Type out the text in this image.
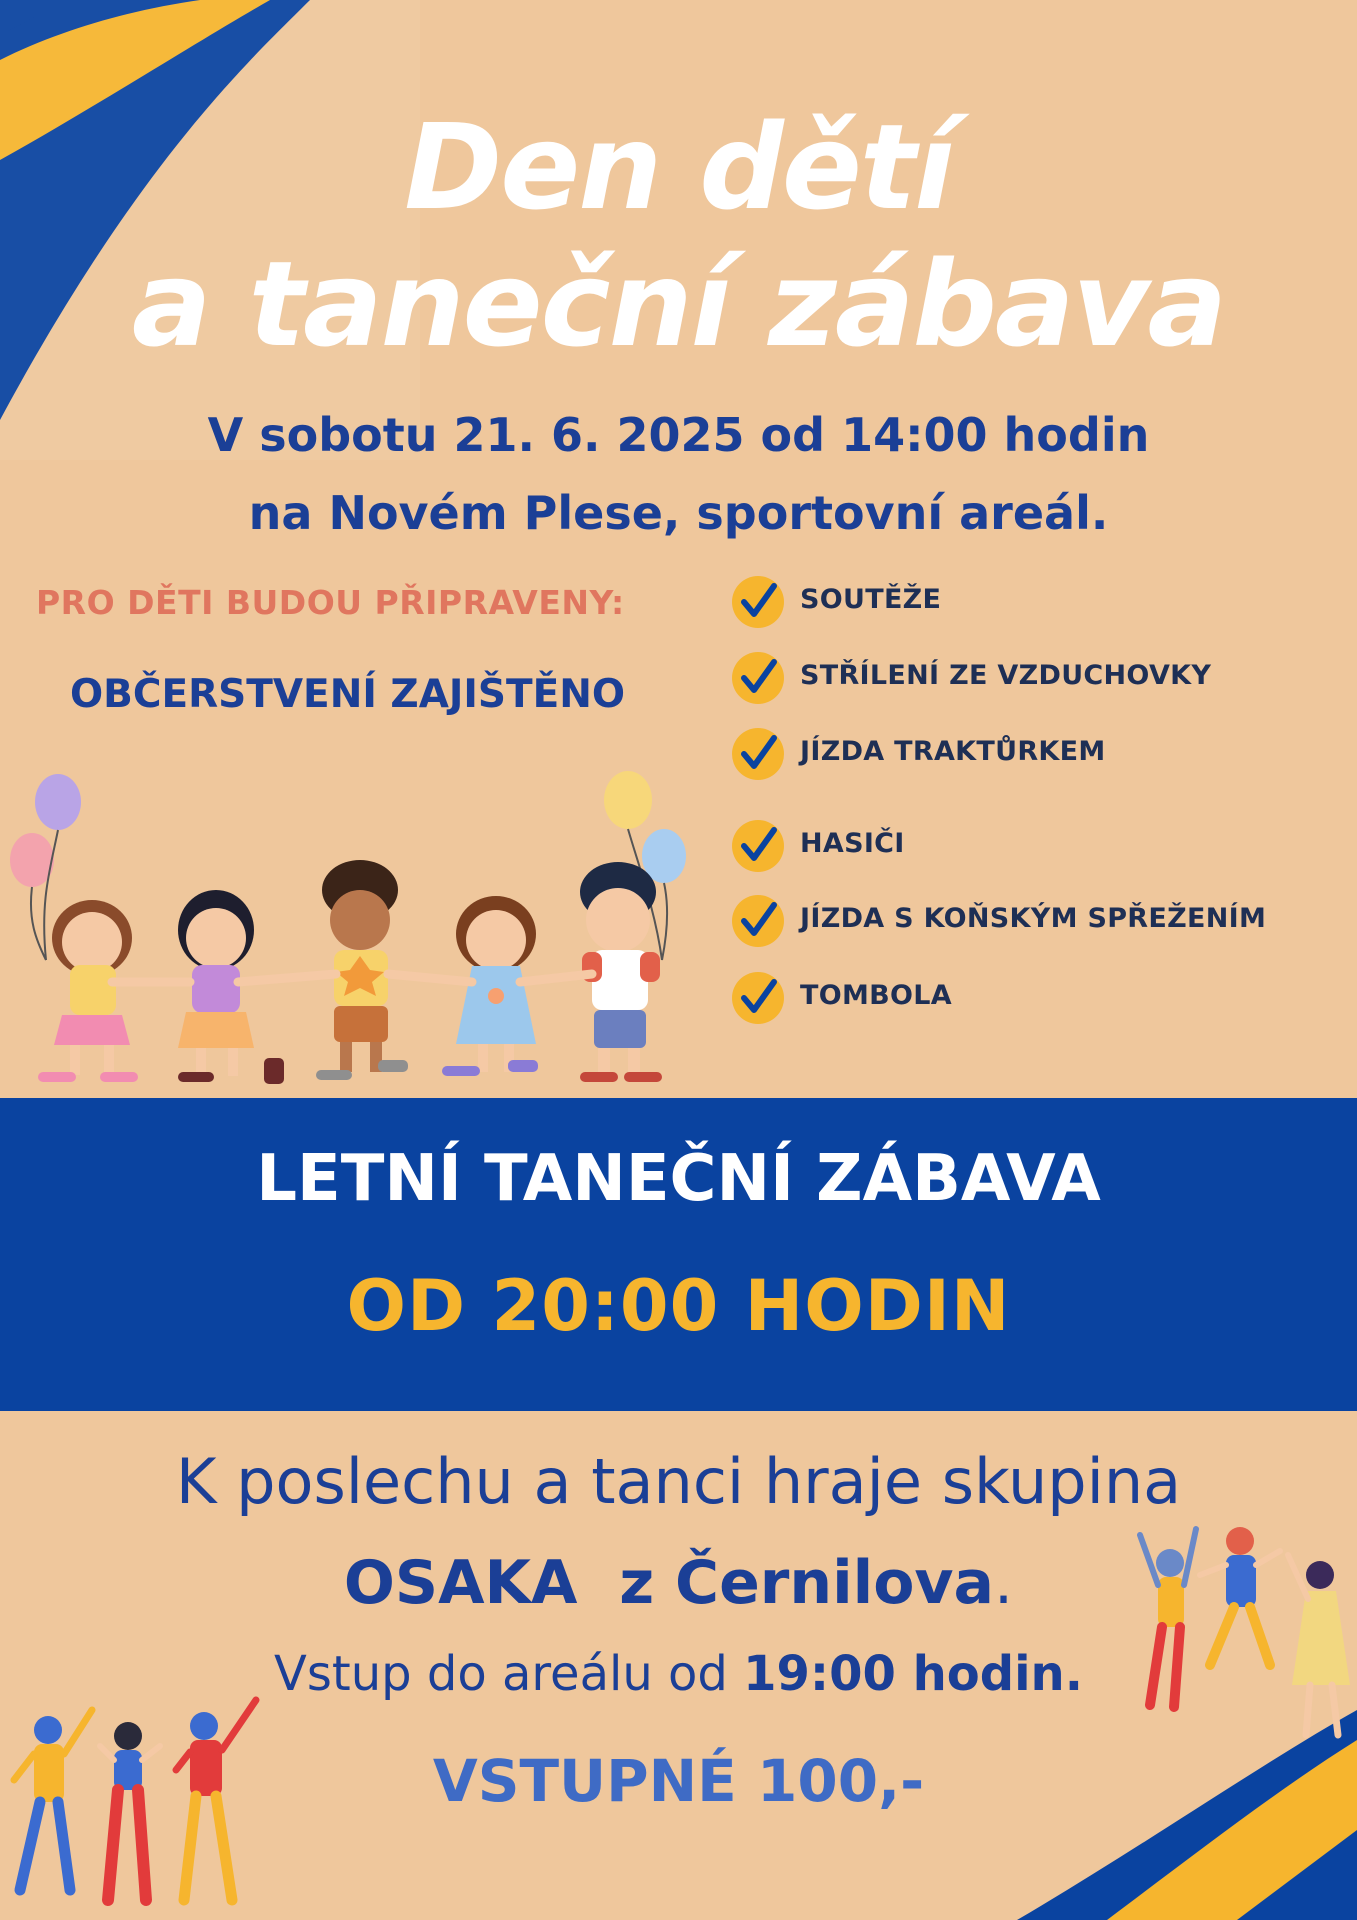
Den dětí
a taneční zábava
V sobotu 21. 6. 2025 od 14:00 hodin
na Novém Plese, sportovní areál.
PRO DĚTI BUDOU PŘIPRAVENY:
OBČERSTVENÍ ZAJIŠTĚNO
SOUTĚŽE
STŘÍLENÍ ZE VZDUCHOVKY
JÍZDA TRAKTŮRKEM
HASIČI
JÍZDA S KOŇSKÝM SPŘEŽENÍM
TOMBOLA
LETNÍ TANEČNÍ ZÁBAVA
OD 20:00 HODIN
K poslechu a tanci hraje skupina
OSAKA  z Černilova.
Vstup do areálu od 19:00 hodin.
VSTUPNÉ 100,-
